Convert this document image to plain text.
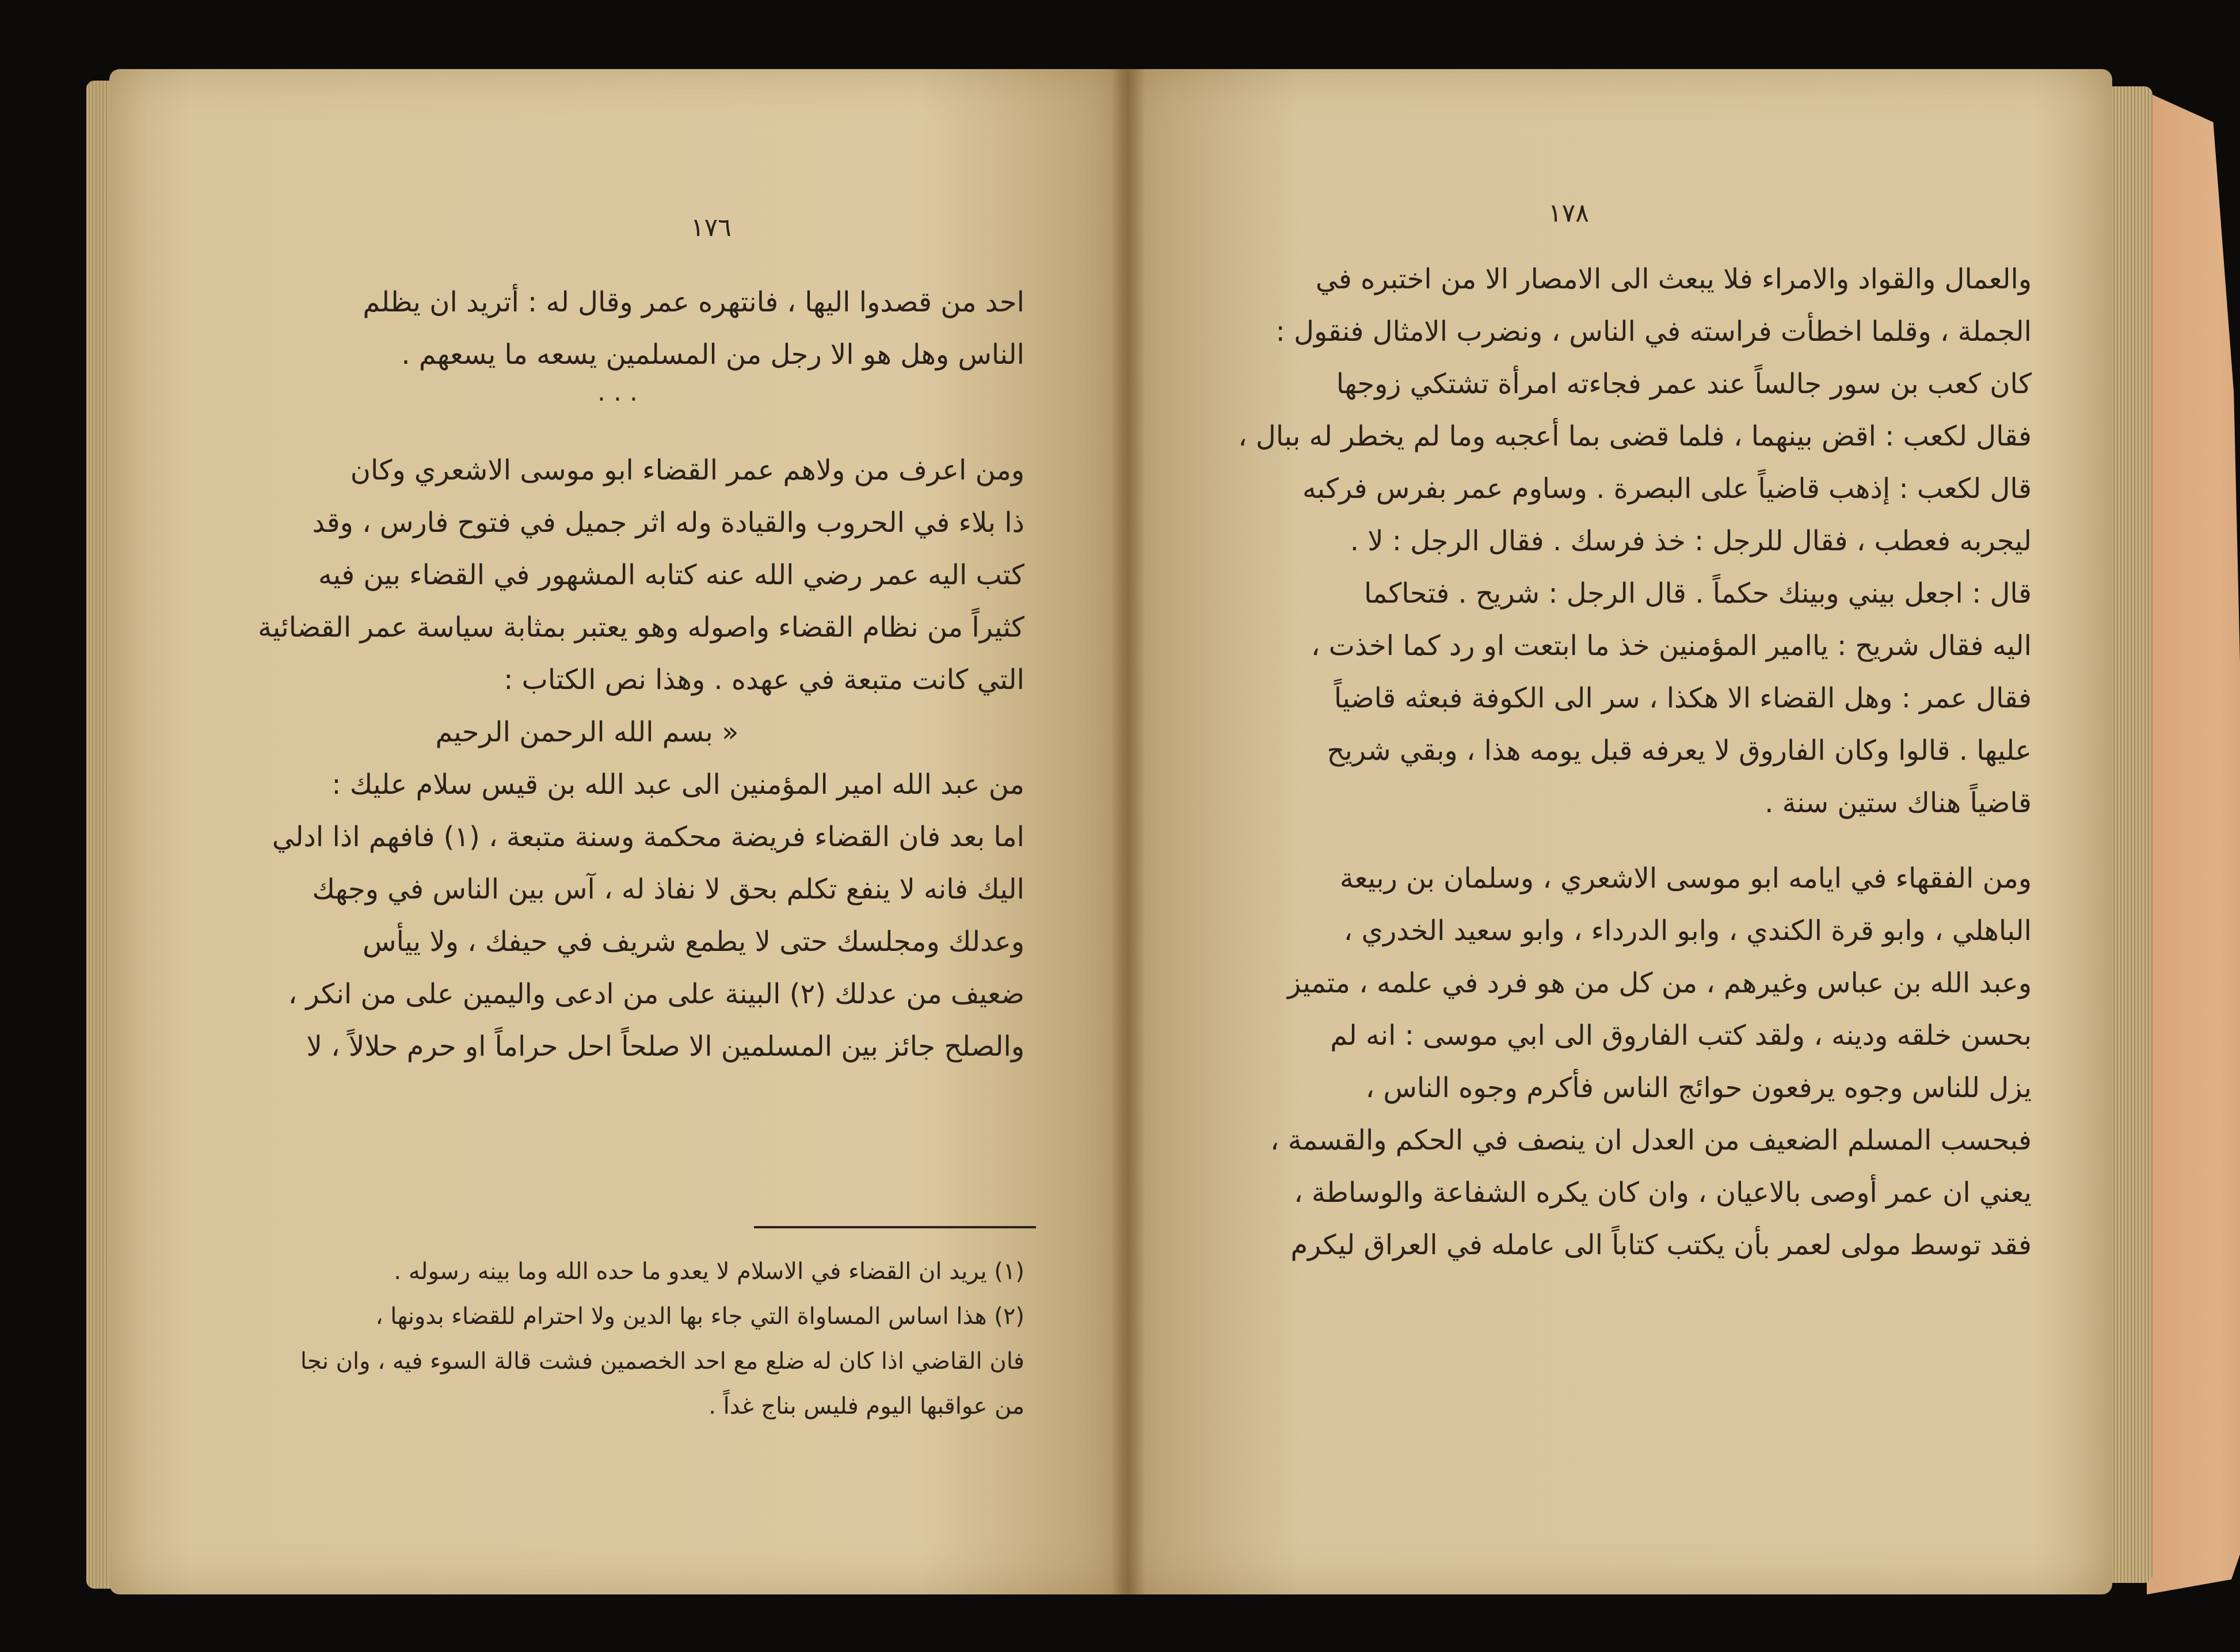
١٧٦

احد من قصدوا اليها ، فانتهره عمر وقال له : أتريد ان يظلم

الناس وهل هو الا رجل من المسلمين يسعه ما يسعهم .

...

ومن اعرف من ولاهم عمر القضاء ابو موسى الاشعري وكان

ذا بلاء في الحروب والقيادة وله اثر جميل في فتوح فارس ، وقد

كتب اليه عمر رضي الله عنه كتابه المشهور في القضاء بين فيه

كثيراً من نظام القضاء واصوله وهو يعتبر بمثابة سياسة عمر القضائية

التي كانت متبعة في عهده . وهذا نص الكتاب :

« بسم الله الرحمن الرحيم

من عبد الله امير المؤمنين الى عبد الله بن قيس سلام عليك :

اما بعد فان القضاء فريضة محكمة وسنة متبعة ، (١) فافهم اذا ادلي

اليك فانه لا ينفع تكلم بحق لا نفاذ له ، آس بين الناس في وجهك

وعدلك ومجلسك حتى لا يطمع شريف في حيفك ، ولا ييأس

ضعيف من عدلك (٢) البينة على من ادعى واليمين على من انكر ،

والصلح جائز بين المسلمين الا صلحاً احل حراماً او حرم حلالاً ، لا

(١) يريد ان القضاء في الاسلام لا يعدو ما حده الله وما بينه رسوله .

(٢) هذا اساس المساواة التي جاء بها الدين ولا احترام للقضاء بدونها ،

فان القاضي اذا كان له ضلع مع احد الخصمين فشت قالة السوء فيه ، وان نجا

من عواقبها اليوم فليس بناج غداً .

١٧٨

والعمال والقواد والامراء فلا يبعث الى الامصار الا من اختبره في

الجملة ، وقلما اخطأت فراسته في الناس ، ونضرب الامثال فنقول :

كان كعب بن سور جالساً عند عمر فجاءته امرأة تشتكي زوجها

فقال لكعب : اقض بينهما ، فلما قضى بما أعجبه وما لم يخطر له ببال ،

قال لكعب : إذهب قاضياً على البصرة . وساوم عمر بفرس فركبه

ليجربه فعطب ، فقال للرجل : خذ فرسك . فقال الرجل : لا .

قال : اجعل بيني وبينك حكماً . قال الرجل : شريح . فتحاكما

اليه فقال شريح : ياامير المؤمنين خذ ما ابتعت او رد كما اخذت ،

فقال عمر : وهل القضاء الا هكذا ، سر الى الكوفة فبعثه قاضياً

عليها . قالوا وكان الفاروق لا يعرفه قبل يومه هذا ، وبقي شريح

قاضياً هناك ستين سنة .

ومن الفقهاء في ايامه ابو موسى الاشعري ، وسلمان بن ربيعة

الباهلي ، وابو قرة الكندي ، وابو الدرداء ، وابو سعيد الخدري ،

وعبد الله بن عباس وغيرهم ، من كل من هو فرد في علمه ، متميز

بحسن خلقه ودينه ، ولقد كتب الفاروق الى ابي موسى : انه لم

يزل للناس وجوه يرفعون حوائج الناس فأكرم وجوه الناس ،

فبحسب المسلم الضعيف من العدل ان ينصف في الحكم والقسمة ،

يعني ان عمر أوصى بالاعيان ، وان كان يكره الشفاعة والوساطة ،

فقد توسط مولى لعمر بأن يكتب كتاباً الى عامله في العراق ليكرم
